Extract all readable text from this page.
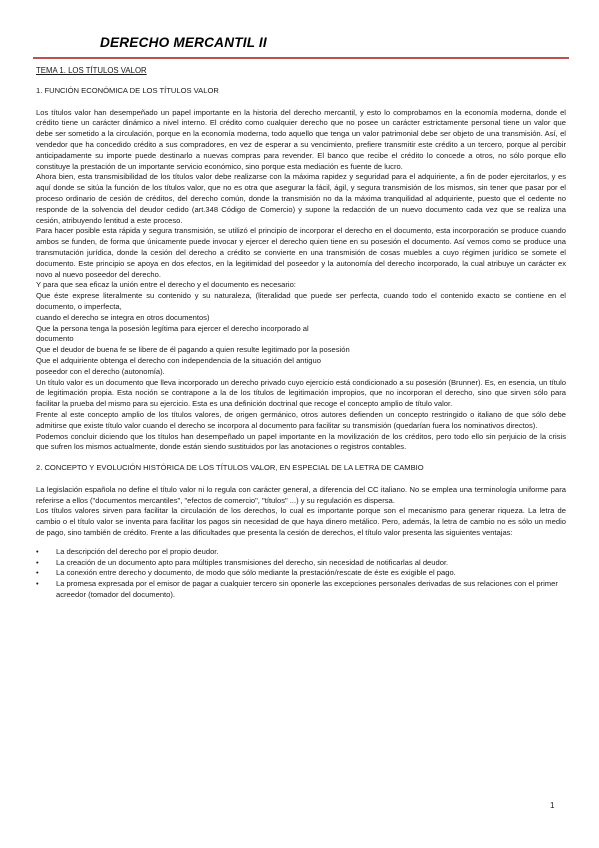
DERECHO MERCANTIL II

TEMA 1. LOS TÍTULOS VALOR

1. FUNCIÓN ECONÓMICA DE LOS TÍTULOS VALOR

Los títulos valor han desempeñado un papel importante en la historia del derecho mercantil, y esto lo comprobamos en la economía moderna, donde el crédito tiene un carácter dinámico a nivel interno. El crédito como cualquier derecho que no posee un carácter estrictamente personal tiene un valor que debe ser sometido a la circulación, porque en la economía moderna, todo aquello que tenga un valor patrimonial debe ser objeto de una transmisión. Así, el vendedor que ha concedido crédito a sus compradores, en vez de esperar a su vencimiento, prefiere transmitir este crédito a un tercero, porque al percibir anticipadamente su importe puede destinarlo a nuevas compras para revender. El banco que recibe el crédito lo concede a otros, no sólo porque ello constituye la prestación de un importante servicio económico, sino porque esta mediación es fuente de lucro.

Ahora bien, esta transmisibilidad de los títulos valor debe realizarse con la máxima rapidez y seguridad para el adquiriente, a fin de poder ejercitarlos, y es aquí donde se sitúa la función de los títulos valor, que no es otra que asegurar la fácil, ágil, y segura transmisión de los mismos, sin tener que pasar por el proceso ordinario de cesión de créditos, del derecho común, donde la transmisión no da la máxima tranquilidad al adquiriente, puesto que el cedente no responde de la solvencia del deudor cedido (art.348 Código de Comercio) y supone la redacción de un nuevo documento cada vez que se realiza una cesión, atribuyendo lentitud a este proceso.

Para hacer posible esta rápida y segura transmisión, se utilizó el principio de incorporar el derecho en el documento, esta incorporación se produce cuando ambos se funden, de forma que únicamente puede invocar y ejercer el derecho quien tiene en su posesión el documento. Así vemos como se produce una transmutación jurídica, donde la cesión del derecho a crédito se convierte en una transmisión de cosas muebles a cuyo régimen jurídico se somete el documento. Este principio se apoya en dos efectos, en la legitimidad del poseedor y la autonomía del derecho incorporado, la cual atribuye un carácter ex novo al nuevo poseedor del derecho.

Y para que sea eficaz la unión entre el derecho y el documento es necesario:

Que éste exprese literalmente su contenido y su naturaleza, (literalidad que puede ser perfecta, cuando todo el contenido exacto se contiene en el documento, o imperfecta,

cuando el derecho se integra en otros documentos)

Que la persona tenga la posesión legítima para ejercer el derecho incorporado al

documento

Que el deudor de buena fe se libere de él pagando a quien resulte legitimado por la posesión

Que el adquiriente obtenga el derecho con independencia de la situación del antiguo

poseedor con el derecho (autonomía).

Un título valor es un documento que lleva incorporado un derecho privado cuyo ejercicio está condicionado a su posesión (Brunner). Es, en esencia, un título de legitimación propia. Esta noción se contrapone a la de los títulos de legitimación impropios, que no incorporan el derecho, sino que sirven sólo para facilitar la prueba del mismo para su ejercicio. Esta es una definición doctrinal que recoge el concepto amplio de título valor.

Frente al este concepto amplio de los títulos valores, de origen germánico, otros autores defienden un concepto restringido o italiano de que sólo debe admitirse que existe título valor cuando el derecho se incorpora al documento para facilitar su transmisión (quedarían fuera los nominativos directos).

Podemos concluir diciendo que los títulos han desempeñado un papel importante en la movilización de los créditos, pero todo ello sin perjuicio de la crisis que sufren los mismos actualmente, donde están siendo sustituidos por las anotaciones o registros contables.

2. CONCEPTO Y EVOLUCIÓN HISTÓRICA DE LOS TÍTULOS VALOR, EN ESPECIAL DE LA LETRA DE CAMBIO

La legislación española no define el título valor ni lo regula con carácter general, a diferencia del CC italiano. No se emplea una terminología uniforme para referirse a ellos ("documentos mercantiles", "efectos de comercio", "títulos" ...) y su regulación es dispersa.

Los títulos valores sirven para facilitar la circulación de los derechos, lo cual es importante porque son el mecanismo para generar riqueza. La letra de cambio o el título valor se inventa para facilitar los pagos sin necesidad de que haya dinero metálico. Pero, además, la letra de cambio no es sólo un medio de pago, sino también de crédito. Frente a las dificultades que presenta la cesión de derechos, el título valor presenta las siguientes ventajas:

• La descripción del derecho por el propio deudor.
• La creación de un documento apto para múltiples transmisiones del derecho, sin necesidad de notificarlas al deudor.
• La conexión entre derecho y documento, de modo que sólo mediante la prestación/rescate de éste es exigible el pago.
• La promesa expresada por el emisor de pagar a cualquier tercero sin oponerle las excepciones personales derivadas de sus relaciones con el primer acreedor (tomador del documento).
1
